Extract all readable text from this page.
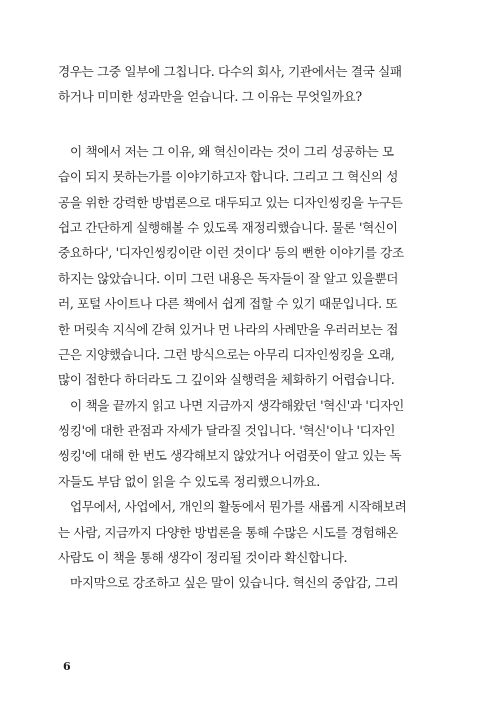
경우는 그중 일부에 그칩니다. 다수의 회사, 기관에서는 결국 실패
하거나 미미한 성과만을 얻습니다. 그 이유는 무엇일까요?
이 책에서 저는 그 이유, 왜 혁신이라는 것이 그리 성공하는 모
습이 되지 못하는가를 이야기하고자 합니다. 그리고 그 혁신의 성
공을 위한 강력한 방법론으로 대두되고 있는 디자인씽킹을 누구든
쉽고 간단하게 실행해볼 수 있도록 재정리했습니다. 물론 '혁신이
중요하다', '디자인씽킹이란 이런 것이다' 등의 뻔한 이야기를 강조
하지는 않았습니다. 이미 그런 내용은 독자들이 잘 알고 있을뿐더
러, 포털 사이트나 다른 책에서 쉽게 접할 수 있기 때문입니다. 또
한 머릿속 지식에 갇혀 있거나 먼 나라의 사례만을 우러러보는 접
근은 지양했습니다. 그런 방식으로는 아무리 디자인씽킹을 오래,
많이 접한다 하더라도 그 깊이와 실행력을 체화하기 어렵습니다.
이 책을 끝까지 읽고 나면 지금까지 생각해왔던 '혁신'과 '디자인
씽킹'에 대한 관점과 자세가 달라질 것입니다. '혁신'이나 '디자인
씽킹'에 대해 한 번도 생각해보지 않았거나 어렴풋이 알고 있는 독
자들도 부담 없이 읽을 수 있도록 정리했으니까요.
업무에서, 사업에서, 개인의 활동에서 뭔가를 새롭게 시작해보려
는 사람, 지금까지 다양한 방법론을 통해 수많은 시도를 경험해온
사람도 이 책을 통해 생각이 정리될 것이라 확신합니다.
마지막으로 강조하고 싶은 말이 있습니다. 혁신의 중압감, 그리
6
